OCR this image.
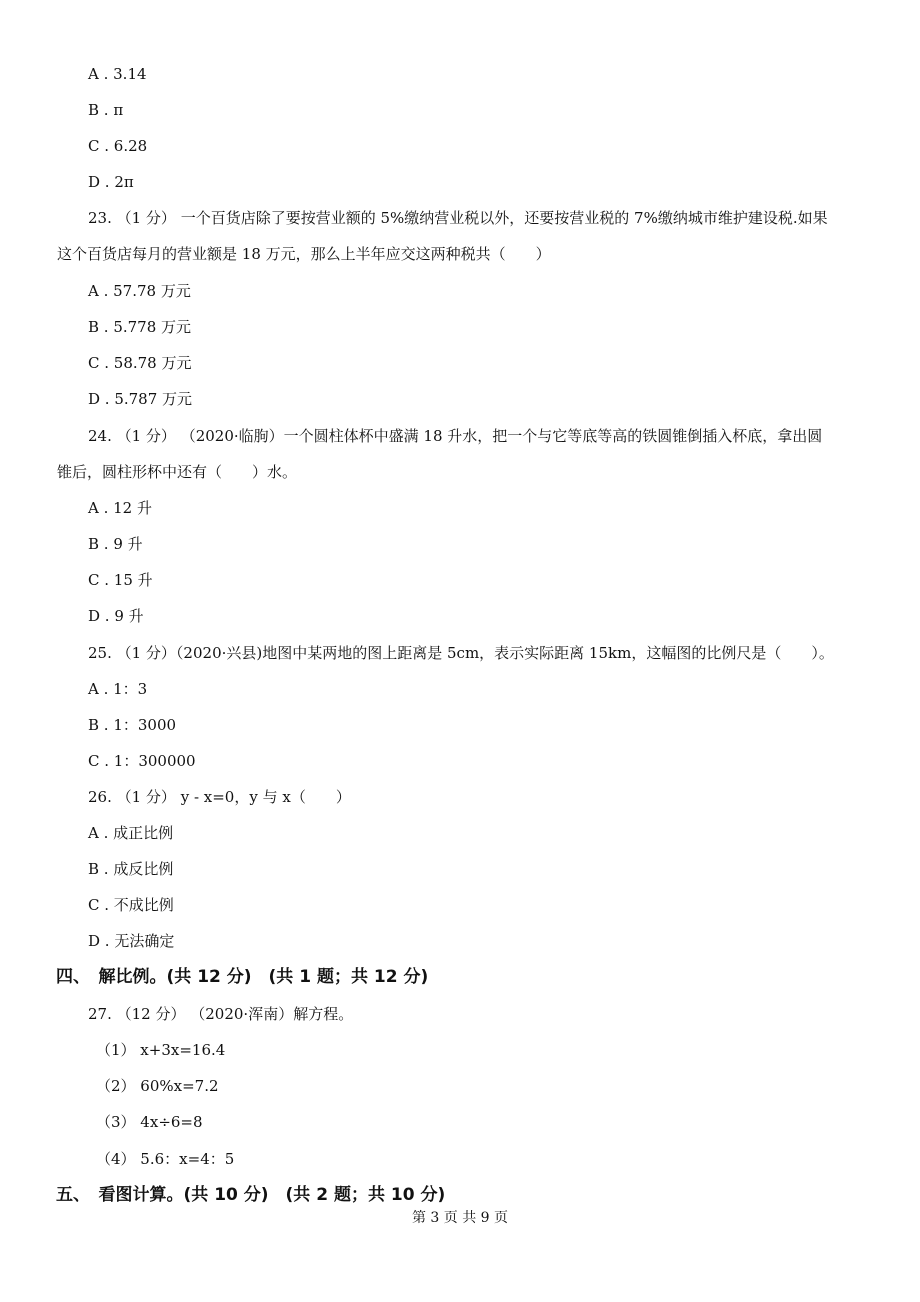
A . 3.14
B . π
C . 6.28
D . 2π
23. （1 分） 一个百货店除了要按营业额的 5%缴纳营业税以外，还要按营业税的 7%缴纳城市维护建设税.如果
这个百货店每月的营业额是 18 万元，那么上半年应交这两种税共（　　）
A . 57.78 万元
B . 5.778 万元
C . 58.78 万元
D . 5.787 万元
24. （1 分） （2020·临朐）一个圆柱体杯中盛满 18 升水，把一个与它等底等高的铁圆锥倒插入杯底，拿出圆
锥后，圆柱形杯中还有（　　）水。
A . 12 升
B . 9 升
C . 15 升
D . 9 升
25. （1 分）（2020·兴县)地图中某两地的图上距离是 5cm，表示实际距离 15km，这幅图的比例尺是（　　）。
A . 1：3
B . 1：3000
C . 1：300000
26. （1 分） y - x=0，y 与 x（　　）
A . 成正比例
B . 成反比例
C . 不成比例
D . 无法确定
四、　解比例。(共 12 分)　(共 1 题；共 12 分)
27. （12 分） （2020·浑南）解方程。
（1） x+3x=16.4
（2） 60%x=7.2
（3） 4x÷6=8
（4） 5.6：x=4：5
五、　看图计算。(共 10 分)　(共 2 题；共 10 分)
第 3 页 共 9 页
